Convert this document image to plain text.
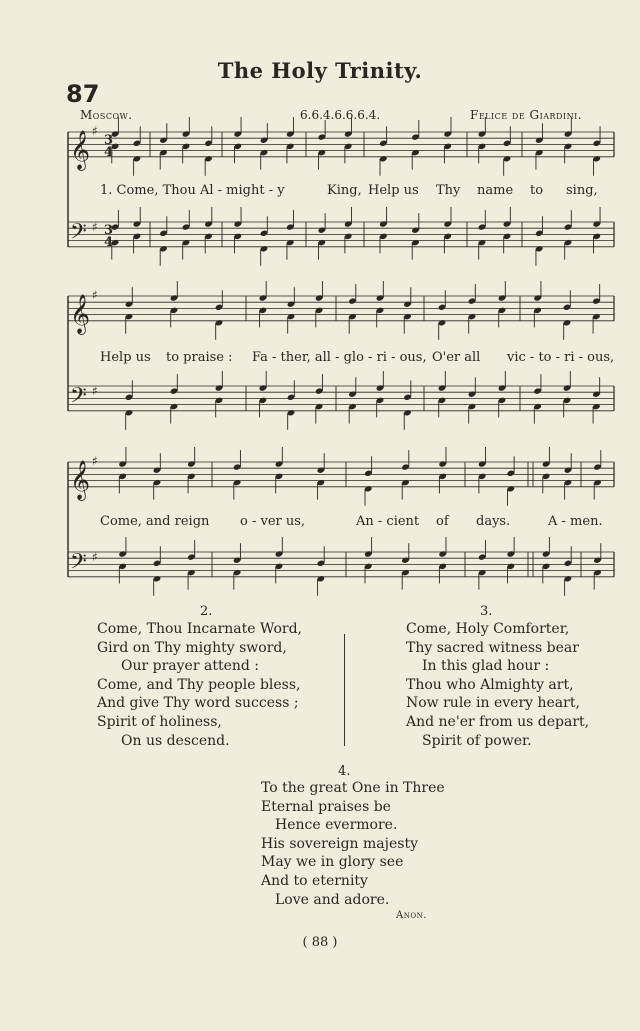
The Holy Trinity.
87
Moscow.	6.6.4.6.6.6.4.	Felice de Giardini.
𝄞 ♯
𝄢 ♯
𝄞 ♯
𝄢 ♯
𝄞 ♯
𝄢 ♯
3
4
3
4
1. Come, Thou Al - might - y	King, Help us Thy name to sing,
Help us to praise : Fa - ther, all - glo - ri - ous, O'er all vic - to - ri - ous,
Come, and reign o - ver us,	An - cient of days.	A - men.
2.
Come, Thou Incarnate Word,
Gird on Thy mighty sword,
Our prayer attend :
Come, and Thy people bless,
And give Thy word success ;
Spirit of holiness,
On us descend.
3.
Come, Holy Comforter,
Thy sacred witness bear
In this glad hour :
Thou who Almighty art,
Now rule in every heart,
And ne'er from us depart,
Spirit of power.
4.
To the great One in Three
Eternal praises be
Hence evermore.
His sovereign majesty
May we in glory see
And to eternity
Love and adore.
Anon.
( 88 )
